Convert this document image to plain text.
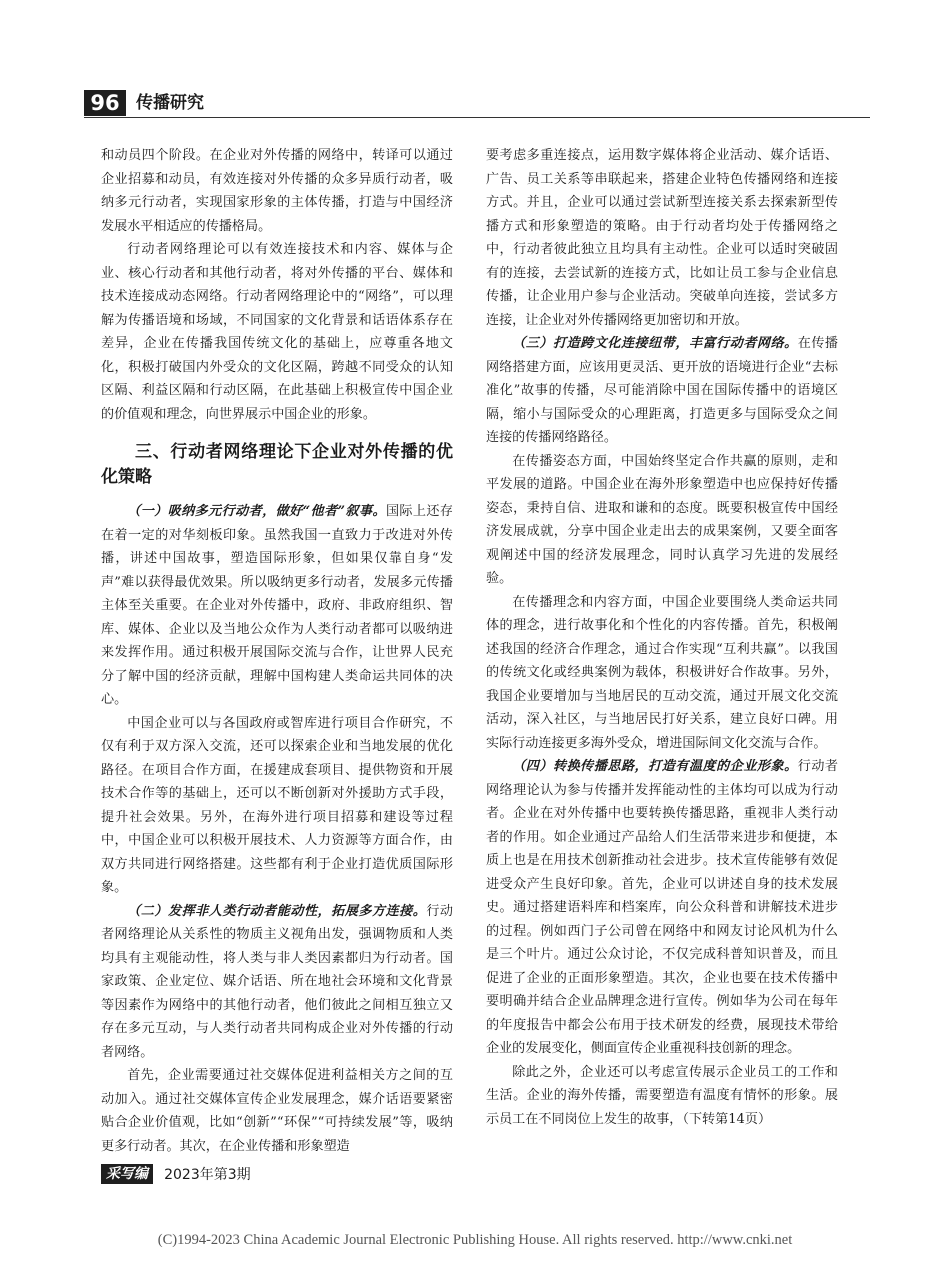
96 传播研究

和动员四个阶段。在企业对外传播的网络中，转译可以通过企业招募和动员，有效连接对外传播的众多异质行动者，吸纳多元行动者，实现国家形象的主体传播，打造与中国经济发展水平相适应的传播格局。

行动者网络理论可以有效连接技术和内容、媒体与企业、核心行动者和其他行动者，将对外传播的平台、媒体和技术连接成动态网络。行动者网络理论中的“网络”，可以理解为传播语境和场域，不同国家的文化背景和话语体系存在差异，企业在传播我国传统文化的基础上，应尊重各地文化，积极打破国内外受众的文化区隔，跨越不同受众的认知区隔、利益区隔和行动区隔，在此基础上积极宣传中国企业的价值观和理念，向世界展示中国企业的形象。

三、行动者网络理论下企业对外传播的优化策略

（一）吸纳多元行动者，做好“他者”叙事。国际上还存在着一定的对华刻板印象。虽然我国一直致力于改进对外传播，讲述中国故事，塑造国际形象，但如果仅靠自身“发声”难以获得最优效果。所以吸纳更多行动者，发展多元传播主体至关重要。在企业对外传播中，政府、非政府组织、智库、媒体、企业以及当地公众作为人类行动者都可以吸纳进来发挥作用。通过积极开展国际交流与合作，让世界人民充分了解中国的经济贡献，理解中国构建人类命运共同体的决心。

中国企业可以与各国政府或智库进行项目合作研究，不仅有利于双方深入交流，还可以探索企业和当地发展的优化路径。在项目合作方面，在援建成套项目、提供物资和开展技术合作等的基础上，还可以不断创新对外援助方式手段，提升社会效果。另外，在海外进行项目招募和建设等过程中，中国企业可以积极开展技术、人力资源等方面合作，由双方共同进行网络搭建。这些都有利于企业打造优质国际形象。

（二）发挥非人类行动者能动性，拓展多方连接。行动者网络理论从关系性的物质主义视角出发，强调物质和人类均具有主观能动性，将人类与非人类因素都归为行动者。国家政策、企业定位、媒介话语、所在地社会环境和文化背景等因素作为网络中的其他行动者，他们彼此之间相互独立又存在多元互动，与人类行动者共同构成企业对外传播的行动者网络。

首先，企业需要通过社交媒体促进利益相关方之间的互动加入。通过社交媒体宣传企业发展理念，媒介话语要紧密贴合企业价值观，比如“创新”“环保”“可持续发展”等，吸纳更多行动者。其次，在企业传播和形象塑造

要考虑多重连接点，运用数字媒体将企业活动、媒介话语、广告、员工关系等串联起来，搭建企业特色传播网络和连接方式。并且，企业可以通过尝试新型连接关系去探索新型传播方式和形象塑造的策略。由于行动者均处于传播网络之中，行动者彼此独立且均具有主动性。企业可以适时突破固有的连接，去尝试新的连接方式，比如让员工参与企业信息传播，让企业用户参与企业活动。突破单向连接，尝试多方连接，让企业对外传播网络更加密切和开放。

（三）打造跨文化连接纽带，丰富行动者网络。在传播网络搭建方面，应该用更灵活、更开放的语境进行企业“去标准化”故事的传播，尽可能消除中国在国际传播中的语境区隔，缩小与国际受众的心理距离，打造更多与国际受众之间连接的传播网络路径。

在传播姿态方面，中国始终坚定合作共赢的原则，走和平发展的道路。中国企业在海外形象塑造中也应保持好传播姿态，秉持自信、进取和谦和的态度。既要积极宣传中国经济发展成就，分享中国企业走出去的成果案例，又要全面客观阐述中国的经济发展理念，同时认真学习先进的发展经验。

在传播理念和内容方面，中国企业要围绕人类命运共同体的理念，进行故事化和个性化的内容传播。首先，积极阐述我国的经济合作理念，通过合作实现“互利共赢”。以我国的传统文化或经典案例为载体，积极讲好合作故事。另外，我国企业要增加与当地居民的互动交流，通过开展文化交流活动，深入社区，与当地居民打好关系，建立良好口碑。用实际行动连接更多海外受众，增进国际间文化交流与合作。

（四）转换传播思路，打造有温度的企业形象。行动者网络理论认为参与传播并发挥能动性的主体均可以成为行动者。企业在对外传播中也要转换传播思路，重视非人类行动者的作用。如企业通过产品给人们生活带来进步和便捷，本质上也是在用技术创新推动社会进步。技术宣传能够有效促进受众产生良好印象。首先，企业可以讲述自身的技术发展史。通过搭建语料库和档案库，向公众科普和讲解技术进步的过程。例如西门子公司曾在网络中和网友讨论风机为什么是三个叶片。通过公众讨论，不仅完成科普知识普及，而且促进了企业的正面形象塑造。其次，企业也要在技术传播中要明确并结合企业品牌理念进行宣传。例如华为公司在每年的年度报告中都会公布用于技术研发的经费，展现技术带给企业的发展变化，侧面宣传企业重视科技创新的理念。

除此之外，企业还可以考虑宣传展示企业员工的工作和生活。企业的海外传播，需要塑造有温度有情怀的形象。展示员工在不同岗位上发生的故事，（下转第14页）

采写编 2023年第3期
(C)1994-2023 China Academic Journal Electronic Publishing House. All rights reserved. http://www.cnki.net
